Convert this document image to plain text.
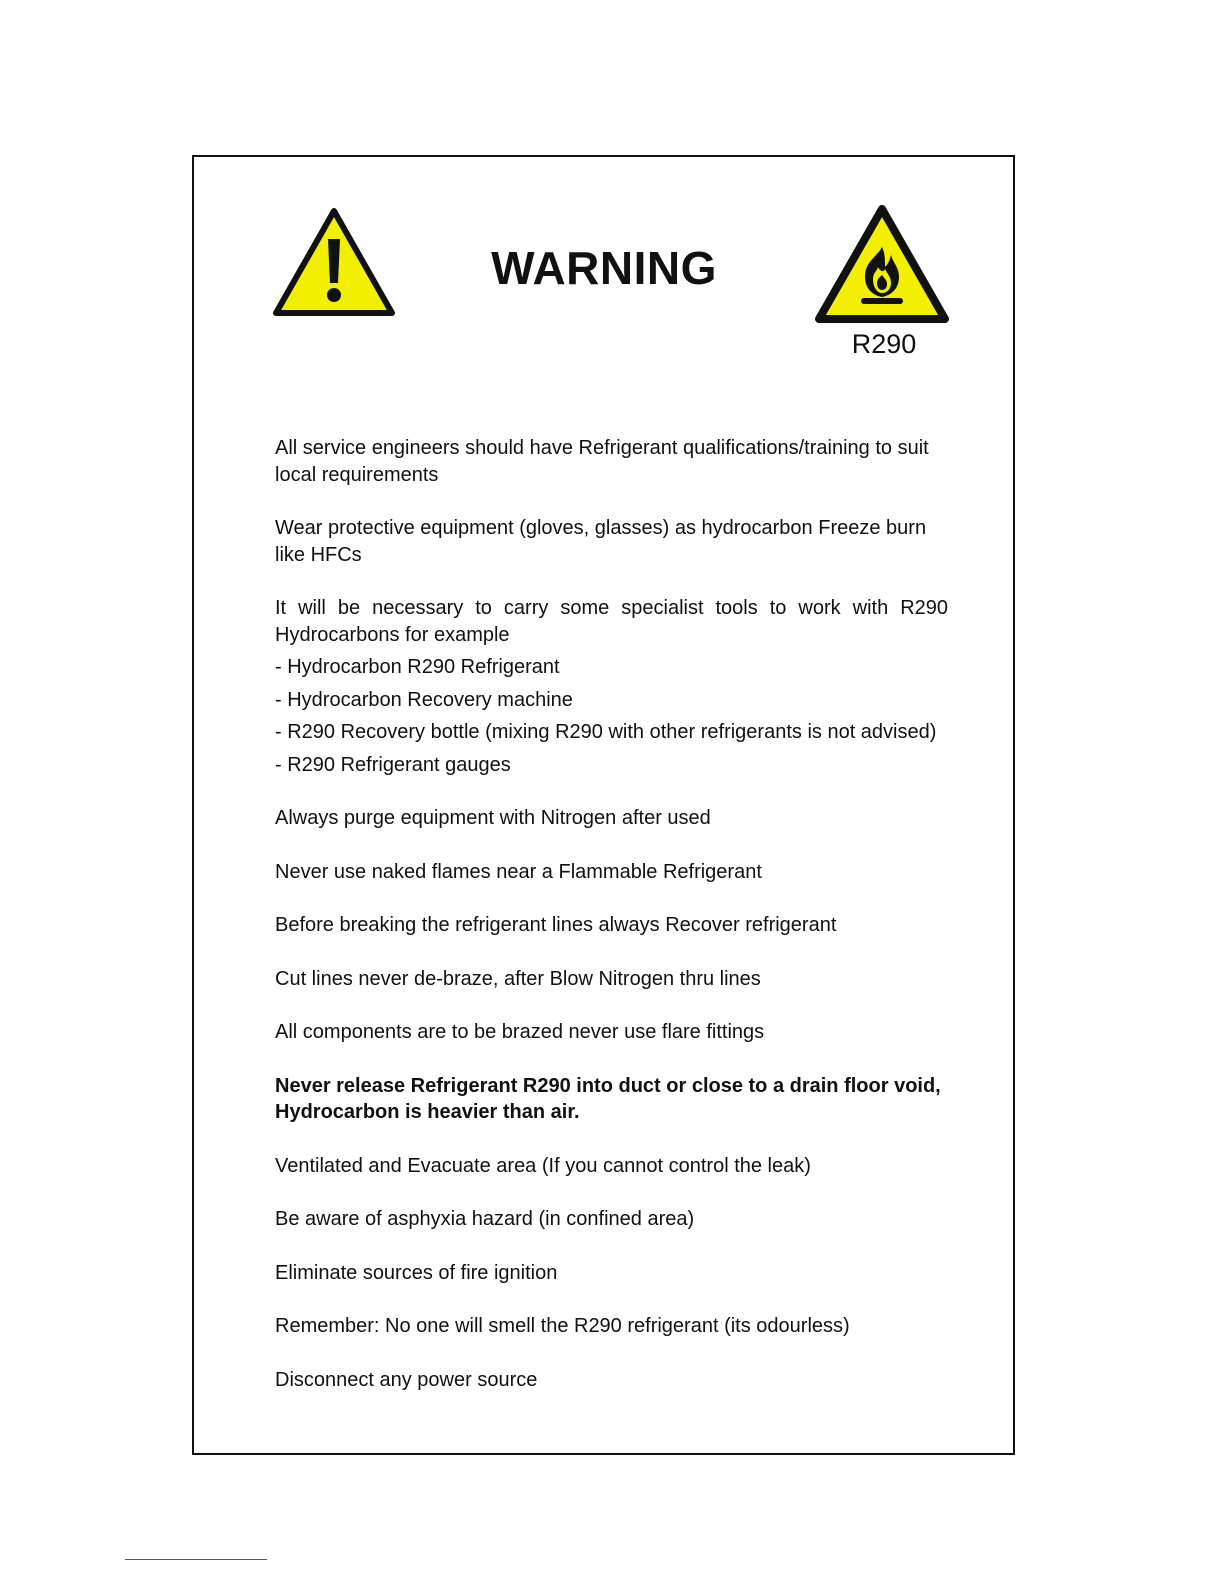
WARNING
R290

All service engineers should have Refrigerant qualifications/training to suit local requirements

Wear protective equipment (gloves, glasses) as hydrocarbon Freeze burn like HFCs

It will be necessary to carry some specialist tools to work with R290 Hydrocarbons for example

- Hydrocarbon R290 Refrigerant

- Hydrocarbon Recovery machine

- R290 Recovery bottle (mixing R290 with other refrigerants is not advised)

- R290 Refrigerant gauges

Always purge equipment with Nitrogen after used

Never use naked flames near a Flammable Refrigerant

Before breaking the refrigerant lines always Recover refrigerant

Cut lines never de-braze, after Blow Nitrogen thru lines

All components are to be brazed never use flare fittings

Never release Refrigerant R290 into duct or close to a drain floor void, Hydrocarbon is heavier than air.

Ventilated and Evacuate area (If you cannot control the leak)

Be aware of asphyxia hazard (in confined area)

Eliminate sources of fire ignition

Remember: No one will smell the R290 refrigerant (its odourless)

Disconnect any power source
